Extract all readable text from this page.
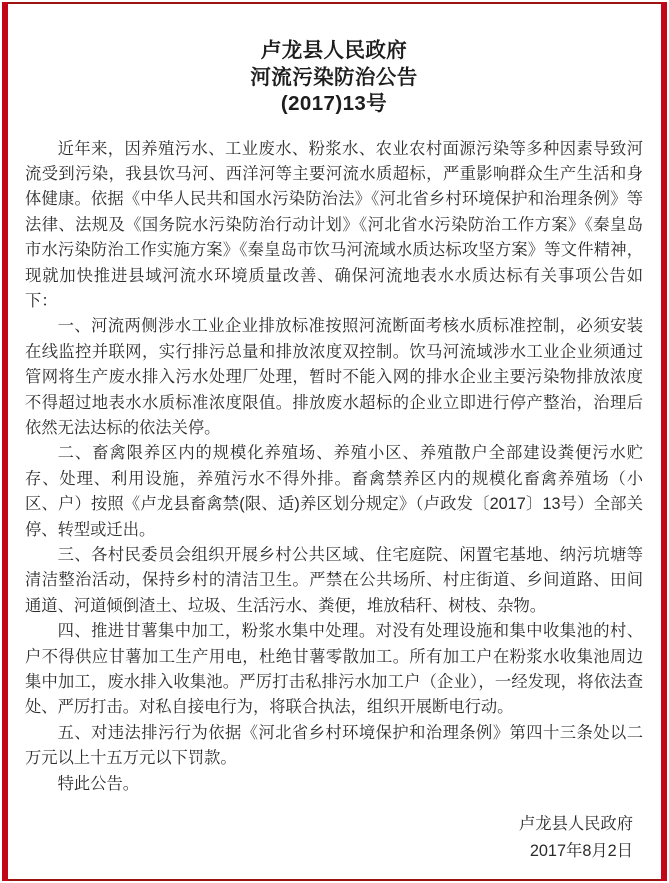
卢龙县人民政府
河流污染防治公告
(2017)13号

近年来，因养殖污水、工业废水、粉浆水、农业农村面源污染等多种因素导致河流受到污染，我县饮马河、西洋河等主要河流水质超标，严重影响群众生产生活和身体健康。依据《中华人民共和国水污染防治法》《河北省乡村环境保护和治理条例》等法律、法规及《国务院水污染防治行动计划》《河北省水污染防治工作方案》《秦皇岛市水污染防治工作实施方案》《秦皇岛市饮马河流域水质达标攻坚方案》等文件精神，现就加快推进县域河流水环境质量改善、确保河流地表水水质达标有关事项公告如下：

一、河流两侧涉水工业企业排放标准按照河流断面考核水质标准控制，必须安装在线监控并联网，实行排污总量和排放浓度双控制。饮马河流域涉水工业企业须通过管网将生产废水排入污水处理厂处理，暂时不能入网的排水企业主要污染物排放浓度不得超过地表水水质标准浓度限值。排放废水超标的企业立即进行停产整治，治理后依然无法达标的依法关停。

二、畜禽限养区内的规模化养殖场、养殖小区、养殖散户全部建设粪便污水贮存、处理、利用设施，养殖污水不得外排。畜禽禁养区内的规模化畜禽养殖场（小区、户）按照《卢龙县畜禽禁(限、适)养区划分规定》（卢政发〔2017〕13号）全部关停、转型或迁出。

三、各村民委员会组织开展乡村公共区域、住宅庭院、闲置宅基地、纳污坑塘等清洁整治活动，保持乡村的清洁卫生。严禁在公共场所、村庄街道、乡间道路、田间通道、河道倾倒渣土、垃圾、生活污水、粪便，堆放秸秆、树枝、杂物。

四、推进甘薯集中加工，粉浆水集中处理。对没有处理设施和集中收集池的村、户不得供应甘薯加工生产用电，杜绝甘薯零散加工。所有加工户在粉浆水收集池周边集中加工，废水排入收集池。严厉打击私排污水加工户（企业），一经发现，将依法查处、严厉打击。对私自接电行为，将联合执法，组织开展断电行动。

五、对违法排污行为依据《河北省乡村环境保护和治理条例》第四十三条处以二万元以上十五万元以下罚款。

特此公告。

卢龙县人民政府
2017年8月2日
